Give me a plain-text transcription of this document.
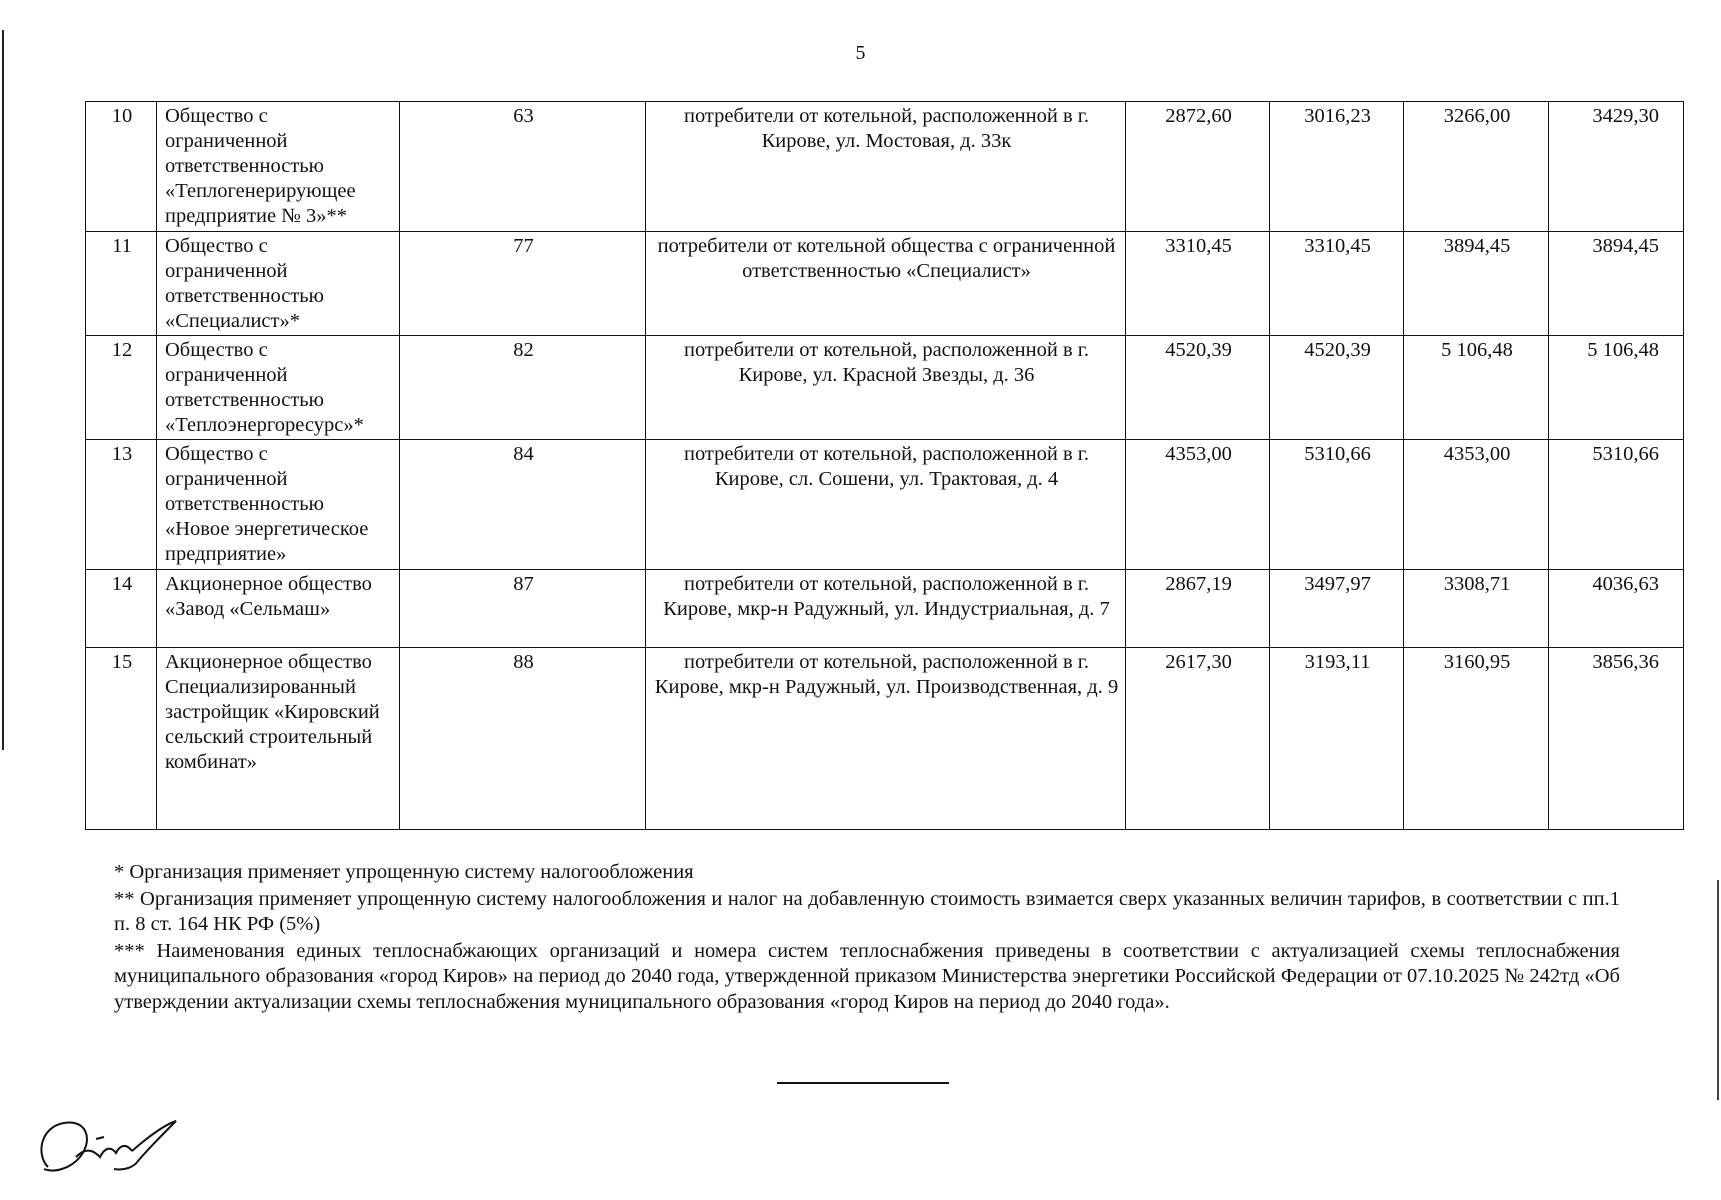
5
10	Общество с ограниченной ответственностью «Теплогенерирующее предприятие № 3»**	63	потребители от котельной, расположенной в г. Кирове, ул. Мостовая, д. 33к	2872,60	3016,23	3266,00	3429,30
11	Общество с ограниченной ответственностью «Специалист»*	77	потребители от котельной общества с ограниченной ответственностью «Специалист»	3310,45	3310,45	3894,45	3894,45
12	Общество с ограниченной ответственностью «Теплоэнергоресурс»*	82	потребители от котельной, расположенной в г. Кирове, ул. Красной Звезды, д. 36	4520,39	4520,39	5 106,48	5 106,48
13	Общество с ограниченной ответственностью «Новое энергетическое предприятие»	84	потребители от котельной, расположенной в г. Кирове, сл. Сошени, ул. Трактовая, д. 4	4353,00	5310,66	4353,00	5310,66
14	Акционерное общество «Завод «Сельмаш»	87	потребители от котельной, расположенной в г. Кирове, мкр-н Радужный, ул. Индустриальная, д. 7	2867,19	3497,97	3308,71	4036,63
15	Акционерное общество Специализированный застройщик «Кировский сельский строительный комбинат»	88	потребители от котельной, расположенной в г. Кирове, мкр-н Радужный, ул. Производственная, д. 9	2617,30	3193,11	3160,95	3856,36

* Организация применяет упрощенную систему налогообложения

** Организация применяет упрощенную систему налогообложения и налог на добавленную стоимость взимается сверх указанных величин тарифов, в соответствии с пп.1 п. 8 ст. 164 НК РФ (5%)

*** Наименования единых теплоснабжающих организаций и номера систем теплоснабжения приведены в соответствии с актуализацией схемы теплоснабжения муниципального образования «город Киров» на период до 2040 года, утвержденной приказом Министерства энергетики Российской Федерации от 07.10.2025 № 242тд «Об утверждении актуализации схемы теплоснабжения муниципального образования «город Киров на период до 2040 года».
